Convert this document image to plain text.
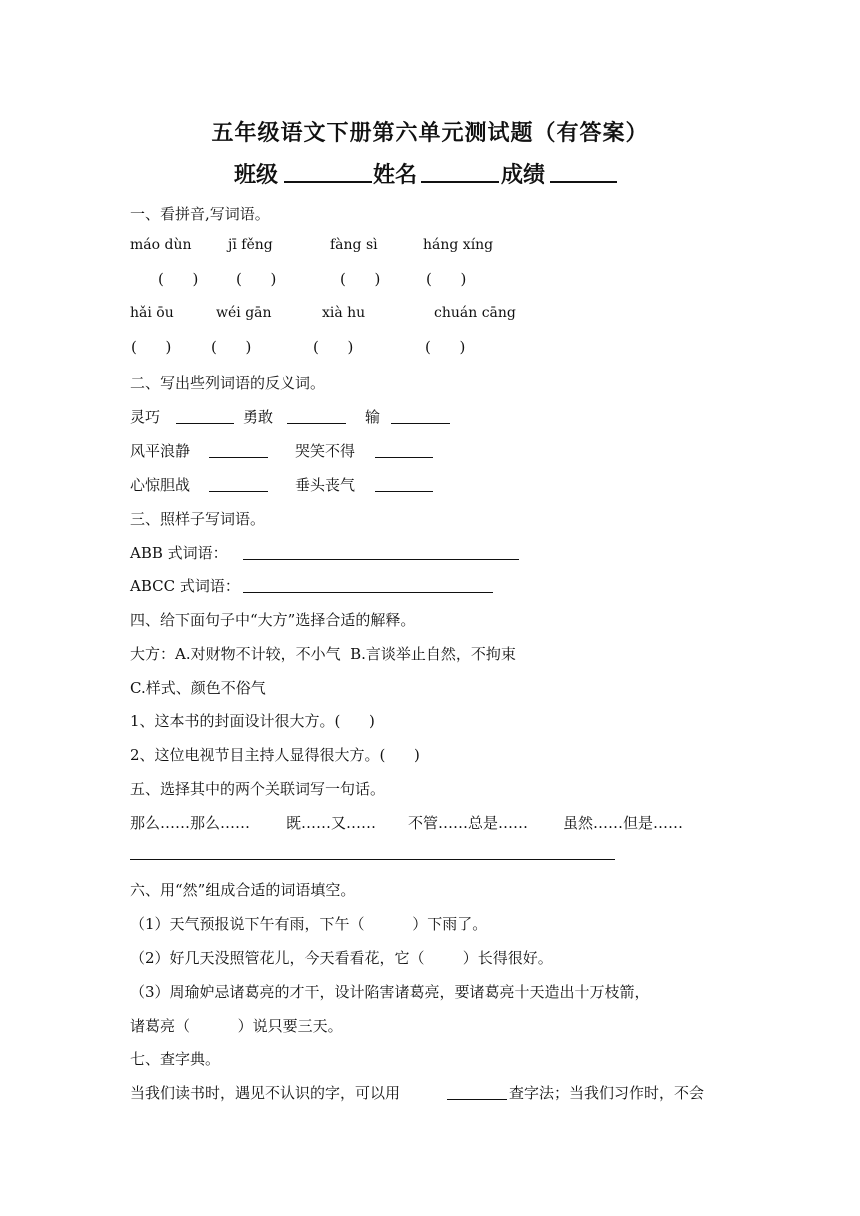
五年级语文下册第六单元测试题（有答案）
班级	姓名	成绩
一、看拼音,写词语。
máo dùn	jī fěng	fàng sì	háng xíng
(      )	(      )	(      )	(      )
hǎi ōu	wéi gān	xià hu	chuán cāng
(      )	(      )	(      )	(      )
二、写出些列词语的反义词。
灵巧	勇敢	输
风平浪静	哭笑不得
心惊胆战	垂头丧气
三、照样子写词语。
ABB 式词语：
ABCC 式词语：
四、给下面句子中“大方”选择合适的解释。
大方：A.对财物不计较，不小气  B.言谈举止自然，不拘束
C.样式、颜色不俗气
1、这本书的封面设计很大方。(      )
2、这位电视节目主持人显得很大方。(      )
五、选择其中的两个关联词写一句话。
那么……那么…… 既……又…… 不管……总是…… 虽然……但是……
六、用“然”组成合适的词语填空。
（1）天气预报说下午有雨，下午（          ）下雨了。
（2）好几天没照管花儿，今天看看花，它（        ）长得很好。
（3）周瑜妒忌诸葛亮的才干，设计陷害诸葛亮，要诸葛亮十天造出十万枝箭，
诸葛亮（          ）说只要三天。
七、查字典。
当我们读书时，遇见不认识的字，可以用	查字法；当我们习作时，不会
